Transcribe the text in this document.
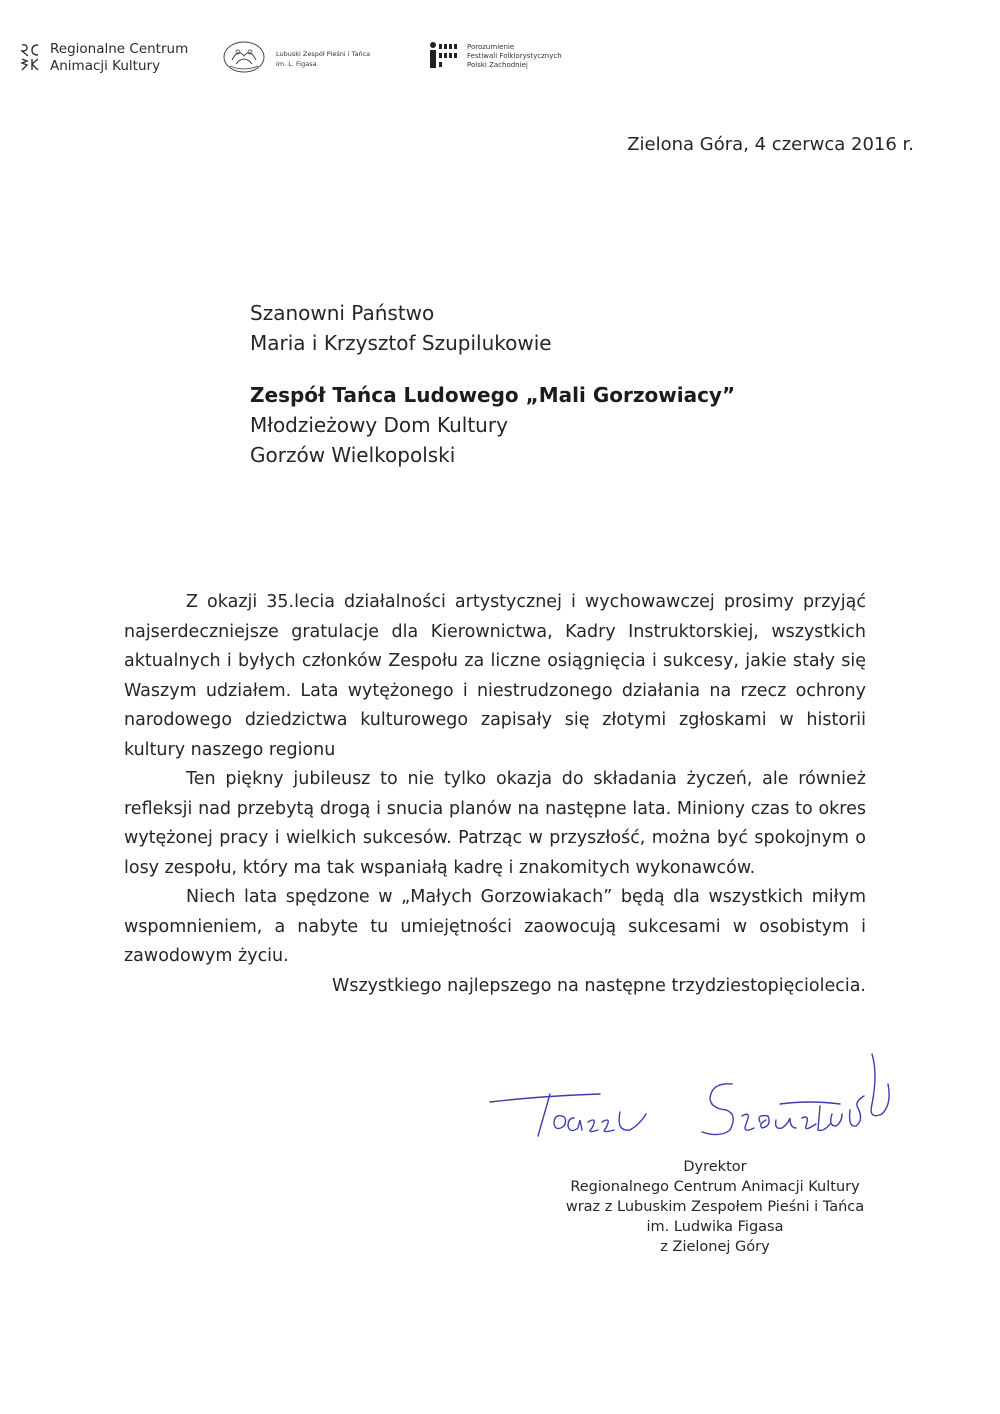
Regionalne Centrum
Animacji Kultury
Lubuski Zespół Pieśni i Tańca
im. L. Figasa
Porozumienie
Festiwali Folklorystycznych
Polski Zachodniej
Zielona Góra, 4 czerwca 2016 r.
Szanowni Państwo
Maria i Krzysztof Szupilukowie
Zespół Tańca Ludowego „Mali Gorzowiacy”
Młodzieżowy Dom Kultury
Gorzów Wielkopolski

Z okazji 35.lecia działalności artystycznej i wychowawczej prosimy przyjąć najserdeczniejsze gratulacje dla Kierownictwa, Kadry Instruktorskiej, wszystkich aktualnych i byłych członków Zespołu za liczne osiągnięcia i sukcesy, jakie stały się Waszym udziałem. Lata wytężonego i niestrudzonego działania na rzecz ochrony narodowego dziedzictwa kulturowego zapisały się złotymi zgłoskami w historii kultury naszego regionu

Ten piękny jubileusz to nie tylko okazja do składania życzeń, ale również refleksji nad przebytą drogą i snucia planów na następne lata. Miniony czas to okres wytężonej pracy i wielkich sukcesów. Patrząc w przyszłość, można być spokojnym o losy zespołu, który ma tak wspaniałą kadrę i znakomitych wykonawców.

Niech lata spędzone w „Małych Gorzowiakach” będą dla wszystkich miłym wspomnieniem, a nabyte tu umiejętności zaowocują sukcesami w osobistym i zawodowym życiu.

Wszystkiego najlepszego na następne trzydziestopięciolecia.

Dyrektor
Regionalnego Centrum Animacji Kultury
wraz z Lubuskim Zespołem Pieśni i Tańca
im. Ludwika Figasa
z Zielonej Góry
